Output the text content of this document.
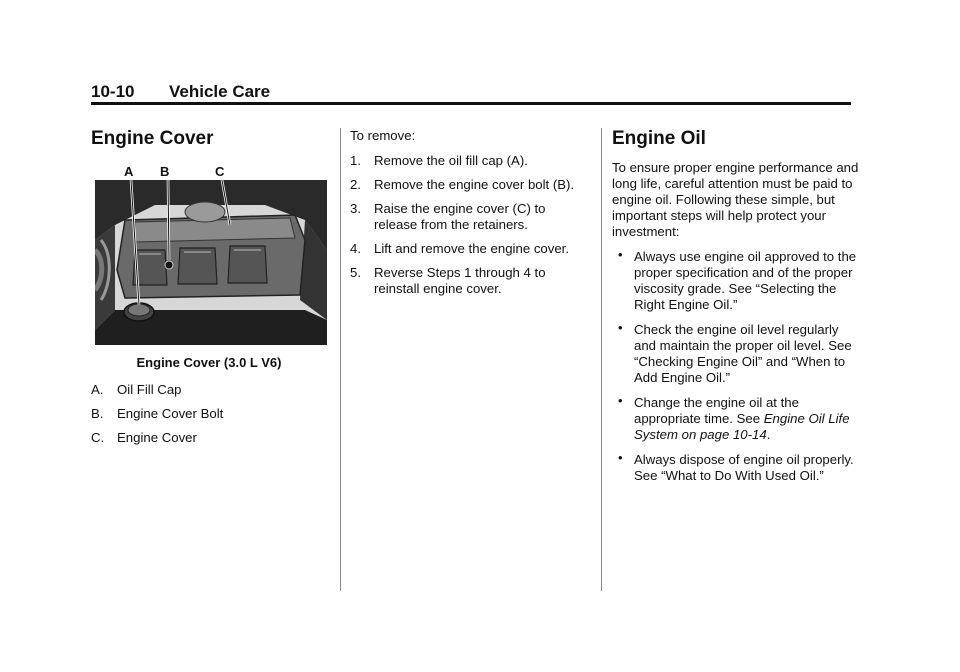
10-10 Vehicle Care
Engine Cover
A B	C
Engine Cover (3.0 L V6)
A. Oil Fill Cap
B. Engine Cover Bolt
C. Engine Cover

To remove:

1. Remove the oil fill cap (A).
2. Remove the engine cover bolt (B).
3. Raise the engine cover (C) to release from the retainers.
4. Lift and remove the engine cover.
5. Reverse Steps 1 through 4 to reinstall engine cover.
Engine Oil

To ensure proper engine performance and long life, careful attention must be paid to engine oil. Following these simple, but important steps will help protect your investment:

• Always use engine oil approved to the proper specification and of the proper viscosity grade. See “Selecting the Right Engine Oil.”
• Check the engine oil level regularly and maintain the proper oil level. See “Checking Engine Oil” and “When to Add Engine Oil.”
• Change the engine oil at the appropriate time. See Engine Oil Life System on page 10-14.
• Always dispose of engine oil properly. See “What to Do With Used Oil.”
